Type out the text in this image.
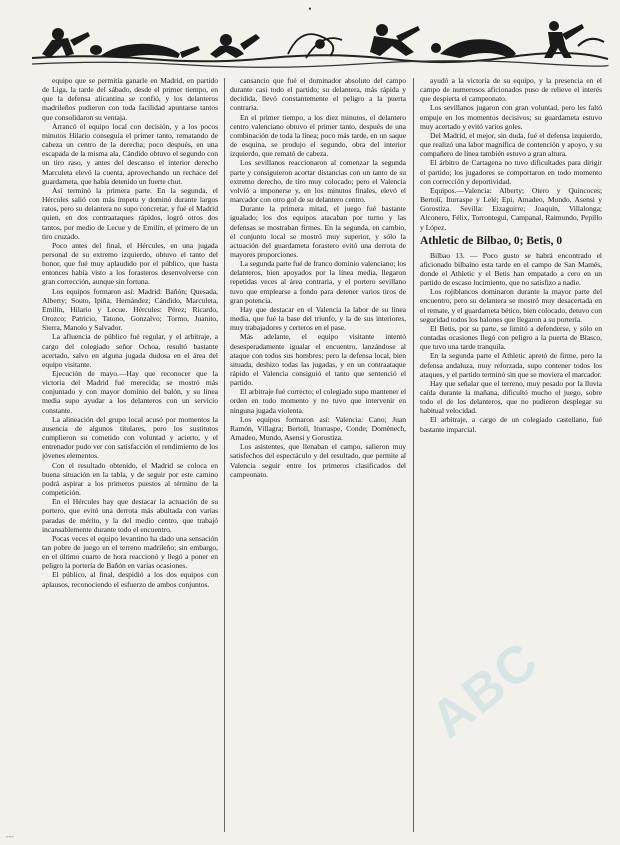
•

equipo que se permitía ganarle en Madrid, en partido de Liga, la tarde del sábado, desde el primer tiempo, en que la defensa alicantina se confió, y los delanteros madrileños pudieron con toda facilidad apuntarse tantos que consolidaron su ventaja.

Arrancó el equipo local con decisión, y a los pocos minutos Hilario conseguía el primer tanto, rematando de cabeza un centro de la derecha; poco después, en una escapada de la misma ala, Cándido obtuvo el segundo con un tiro raso, y antes del descanso el interior derecho Marculeta elevó la cuenta, aprovechando un rechace del guardameta, que había detenido un fuerte chut.

Así terminó la primera parte. En la segunda, el Hércules salió con más ímpetu y dominó durante largos ratos, pero su delantera no supo concretar, y fué el Madrid quien, en dos contraataques rápidos, logró otros dos tantos, por medio de Lecue y de Emilín, el primero de un tiro cruzado.

Poco antes del final, el Hércules, en una jugada personal de su extremo izquierdo, obtuvo el tanto del honor, que fué muy aplaudido por el público, que hasta entonces había visto a los forasteros desenvolverse con gran corrección, aunque sin fortuna.

Los equipos formaron así: Madrid: Bañón; Quesada, Alberty; Souto, Ipiña, Hernández; Cándido, Marculeta, Emilín, Hilario y Lecue. Hércules: Pérez; Ricardo, Orozco; Patricio, Tatono, Gonzalvo; Tormo, Juanito, Sierra, Manolo y Salvador.

La afluencia de público fué regular, y el arbitraje, a cargo del colegiado señor Ochoa, resultó bastante acertado, salvo en alguna jugada dudosa en el área del equipo visitante.

Ejecución de mayo.—Hay que reconocer que la victoria del Madrid fué merecida; se mostró más conjuntado y con mayor dominio del balón, y su línea media supo ayudar a los delanteros con un servicio constante.

La alineación del grupo local acusó por momentos la ausencia de algunos titulares, pero los sustitutos cumplieron su cometido con voluntad y acierto, y el entrenador pudo ver con satisfacción el rendimiento de los jóvenes elementos.

Con el resultado obtenido, el Madrid se coloca en buena situación en la tabla, y de seguir por este camino podrá aspirar a los primeros puestos al término de la competición.

En el Hércules hay que destacar la actuación de su portero, que evitó una derrota más abultada con varias paradas de mérito, y la del medio centro, que trabajó incansablemente durante todo el encuentro.

Pocas veces el equipo levantino ha dado una sensación tan pobre de juego en el terreno madrileño; sin embargo, en el último cuarto de hora reaccionó y llegó a poner en peligro la portería de Bañón en varias ocasiones.

El público, al final, despidió a los dos equipos con aplausos, reconociendo el esfuerzo de ambos conjuntos.

cansancio que fué el dominador absoluto del campo durante casi todo el partido; su delantera, más rápida y decidida, llevó constantemente el peligro a la puerta contraria.

En el primer tiempo, a los diez minutos, el delantero centro valenciano obtuvo el primer tanto, después de una combinación de toda la línea; poco más tarde, en un saque de esquina, se produjo el segundo, obra del interior izquierdo, que remató de cabeza.

Los sevillanos reaccionaron al comenzar la segunda parte y consiguieron acortar distancias con un tanto de su extremo derecho, de tiro muy colocado; pero el Valencia volvió a imponerse y, en los minutos finales, elevó el marcador con otro gol de su delantero centro.

Durante la primera mitad, el juego fué bastante igualado; los dos equipos atacaban por turno y las defensas se mostraban firmes. En la segunda, en cambio, el conjunto local se mostró muy superior, y sólo la actuación del guardameta forastero evitó una derrota de mayores proporciones.

La segunda parte fué de franco dominio valenciano; los delanteros, bien apoyados por la línea media, llegaron repetidas veces al área contraria, y el portero sevillano tuvo que emplearse a fondo para detener varios tiros de gran potencia.

Hay que destacar en el Valencia la labor de su línea media, que fué la base del triunfo, y la de sus interiores, muy trabajadores y certeros en el pase.

Más adelante, el equipo visitante intentó desesperadamente igualar el encuentro, lanzándose al ataque con todos sus hombres; pero la defensa local, bien situada, deshizo todas las jugadas, y en un contraataque rápido el Valencia consiguió el tanto que sentenció el partido.

El arbitraje fué correcto; el colegiado supo mantener el orden en todo momento y no tuvo que intervenir en ninguna jugada violenta.

Los equipos formaron así: Valencia: Cano; Juan Ramón, Villagra; Bertolí, Iturraspe, Conde; Domènech, Amadeo, Mundo, Asensi y Gorostiza.

Los asistentes, que llenaban el campo, salieron muy satisfechos del espectáculo y del resultado, que permite al Valencia seguir entre los primeros clasificados del campeonato.

ayudó a la victoria de su equipo, y la presencia en el campo de numerosos aficionados puso de relieve el interés que despierta el campeonato.

Los sevillanos jugaron con gran voluntad, pero les faltó empuje en los momentos decisivos; su guardameta estuvo muy acertado y evitó varios goles.

Del Madrid, el mejor, sin duda, fué el defensa izquierdo, que realizó una labor magnífica de contención y apoyo, y su compañero de línea también estuvo a gran altura.

El árbitro de Cartagena no tuvo dificultades para dirigir el partido; los jugadores se comportaron en todo momento con corrección y deportividad.

Equipos.—Valencia: Alberty; Otero y Quincoces; Bertolí, Iturraspe y Lelé; Epi, Amadeo, Mundo, Asensi y Gorostiza. Sevilla: Eizaguirre; Joaquín, Villalonga; Alconero, Félix, Torrontegui, Campanal, Raimundo, Pepillo y López.

Athletic de Bilbao, 0; Betis, 0

Bilbao 13. — Poco gusto se habrá encontrado el aficionado bilbaíno esta tarde en el campo de San Mamés, donde el Athletic y el Betis han empatado a cero en un partido de escaso lucimiento, que no satisfizo a nadie.

Los rojiblancos dominaron durante la mayor parte del encuentro, pero su delantera se mostró muy desacertada en el remate, y el guardameta bético, bien colocado, detuvo con seguridad todos los balones que llegaron a su portería.

El Betis, por su parte, se limitó a defenderse, y sólo en contadas ocasiones llegó con peligro a la puerta de Blasco, que tuvo una tarde tranquila.

En la segunda parte el Athletic apretó de firme, pero la defensa andaluza, muy reforzada, supo contener todos los ataques, y el partido terminó sin que se moviera el marcador.

Hay que señalar que el terreno, muy pesado por la lluvia caída durante la mañana, dificultó mucho el juego, sobre todo el de los delanteros, que no pudieron desplegar su habitual velocidad.

El arbitraje, a cargo de un colegiado castellano, fué bastante imparcial.

ABC
---
